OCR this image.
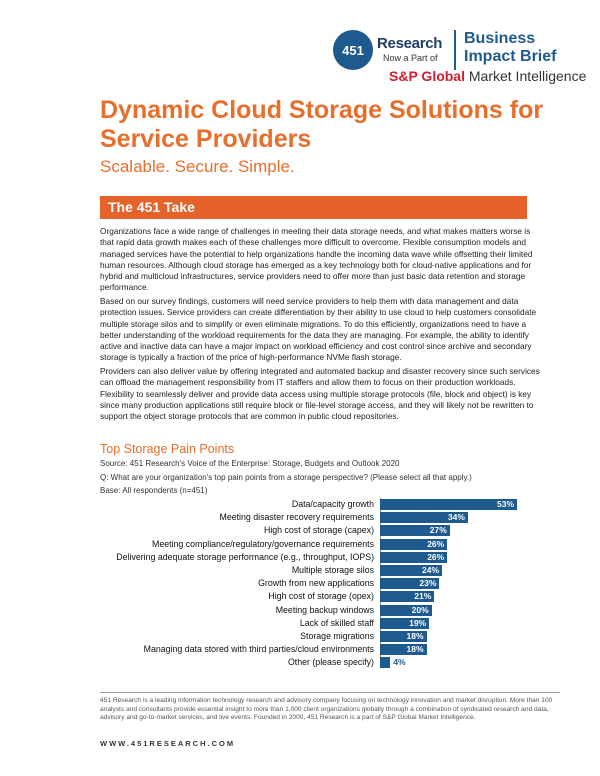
451 Research
Now a Part of
Business
Impact Brief
S&P Global Market Intelligence
Dynamic Cloud Storage Solutions for Service Providers
Scalable. Secure. Simple.
The 451 Take

Organizations face a wide range of challenges in meeting their data storage needs, and what makes matters worse is that rapid data growth makes each of these challenges more difficult to overcome. Flexible consumption models and managed services have the potential to help organizations handle the incoming data wave while offsetting their limited human resources. Although cloud storage has emerged as a key technology both for cloud-native applications and for hybrid and multicloud infrastructures, service providers need to offer more than just basic data retention and storage performance.

Based on our survey findings, customers will need service providers to help them with data management and data protection issues. Service providers can create differentiation by their ability to use cloud to help customers consolidate multiple storage silos and to simplify or even eliminate migrations. To do this efficiently, organizations need to have a better understanding of the workload requirements for the data they are managing. For example, the ability to identify active and inactive data can have a major impact on workload efficiency and cost control since archive and secondary storage is typically a fraction of the price of high-performance NVMe flash storage.

Providers can also deliver value by offering integrated and automated backup and disaster recovery since such services can offload the management responsibility from IT staffers and allow them to focus on their production workloads. Flexibility to seamlessly deliver and provide data access using multiple storage protocols (file, block and object) is key since many production applications still require block or file-level storage access, and they will likely not be rewritten to support the object storage protocols that are common in public cloud repositories.

Top Storage Pain Points
Source: 451 Research's Voice of the Enterprise: Storage, Budgets and Outlook 2020
Q: What are your organization's top pain points from a storage perspective? (Please select all that apply.)
Base: All respondents (n=451)
Data/capacity growth	53%
Meeting disaster recovery requirements	34%
High cost of storage (capex)	27%
Meeting compliance/regulatory/governance requirements	26%
Delivering adequate storage performance (e.g., throughput, IOPS)	26%
Multiple storage silos	24%
Growth from new applications	23%
High cost of storage (opex)	21%
Meeting backup windows	20%
Lack of skilled staff	19%
Storage migrations	18%
Managing data stored with third parties/cloud environments	18%
Other (please specify) 4%

451 Research is a leading information technology research and advisory company focusing on technology innovation and market disruption. More than 100 analysts and consultants provide essential insight to more than 1,000 client organizations globally through a combination of syndicated research and data, advisory and go-to-market services, and live events. Founded in 2000, 451 Research is a part of S&P Global Market Intelligence.

WWW.451RESEARCH.COM
